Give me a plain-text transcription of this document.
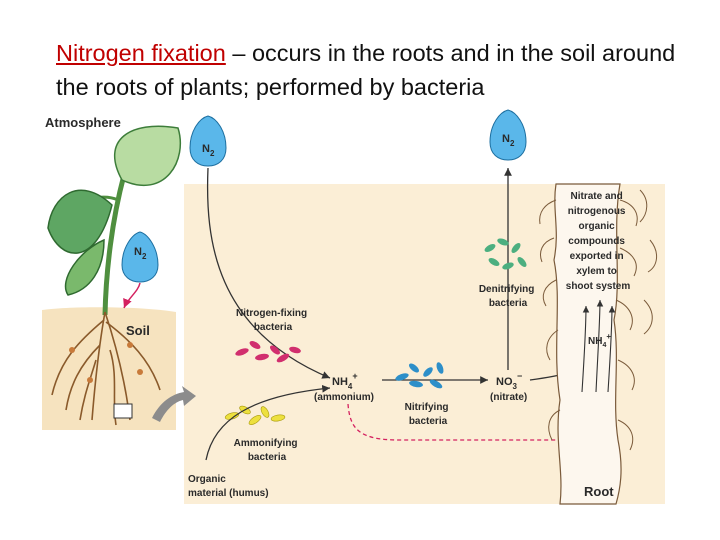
Nitrogen fixation – occurs in the roots and in the soil around the roots of plants; performed by bacteria
Atmosphere
$N_2$
Soil
$N_2$
$N_2$
Nitrogen-fixing bacteria
Ammonifying bacteria
Organic material (humus)
$NH_4^+$
(ammonium)
Nitrifying bacteria
$NO_3^-$
(nitrate)
Denitrifying bacteria
$NH_4^+$
Nitrate and nitrogenous organic compounds exported in xylem to shoot system
Root
